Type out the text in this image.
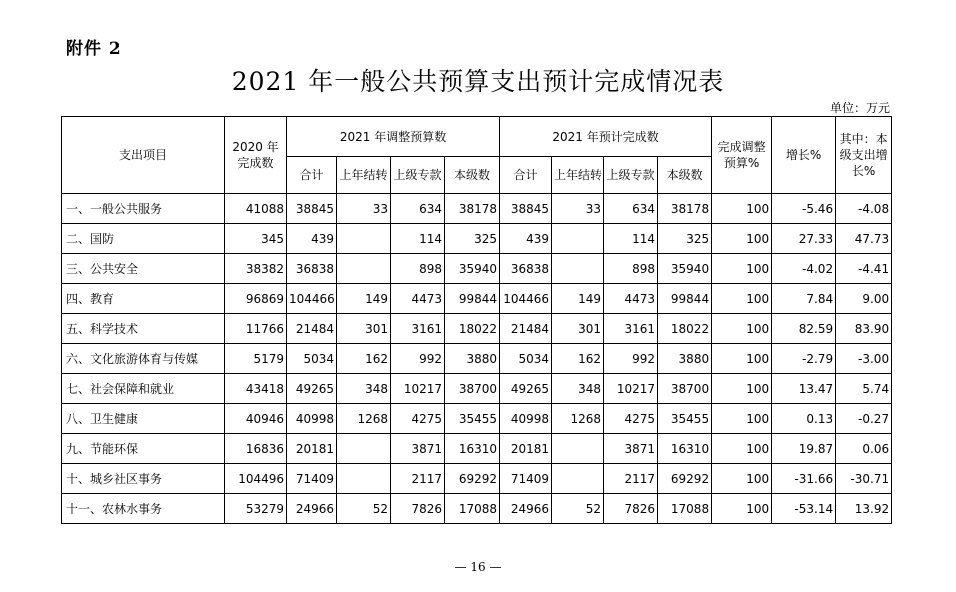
附件 2
2021 年一般公共预算支出预计完成情况表
单位：万元
支出项目	2020 年完成数	2021 年调整预算数				2021 年预计完成数				完成调整预算%	增长%	其中：本级支出增长%
		合计	上年结转	上级专款	本级数	合计	上年结转	上级专款	本级数			
一、一般公共服务	41088	38845	33	634	38178	38845	33	634	38178	100	-5.46	-4.08
二、国防	345	439		114	325	439		114	325	100	27.33	47.73
三、公共安全	38382	36838		898	35940	36838		898	35940	100	-4.02	-4.41
四、教育	96869	104466	149	4473	99844	104466	149	4473	99844	100	7.84	9.00
五、科学技术	11766	21484	301	3161	18022	21484	301	3161	18022	100	82.59	83.90
六、文化旅游体育与传媒	5179	5034	162	992	3880	5034	162	992	3880	100	-2.79	-3.00
七、社会保障和就业	43418	49265	348	10217	38700	49265	348	10217	38700	100	13.47	5.74
八、卫生健康	40946	40998	1268	4275	35455	40998	1268	4275	35455	100	0.13	-0.27
九、节能环保	16836	20181		3871	16310	20181		3871	16310	100	19.87	0.06
十、城乡社区事务	104496	71409		2117	69292	71409		2117	69292	100	-31.66	-30.71
十一、农林水事务	53279	24966	52	7826	17088	24966	52	7826	17088	100	-53.14	13.92
— 16 —
